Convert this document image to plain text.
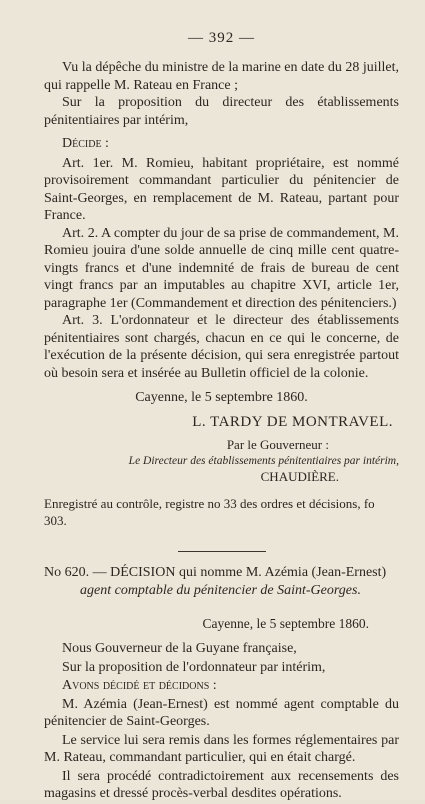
— 392 —

Vu la dépêche du ministre de la marine en date du 28 juillet, qui rappelle M. Rateau en France ;

Sur la proposition du directeur des établissements pénitentiaires par intérim,

Décide :

Art. 1er. M. Romieu, habitant propriétaire, est nommé provisoirement commandant particulier du pénitencier de Saint-Georges, en remplacement de M. Rateau, partant pour France.

Art. 2. A compter du jour de sa prise de commandement, M. Romieu jouira d'une solde annuelle de cinq mille cent quatre-vingts francs et d'une indemnité de frais de bureau de cent vingt francs par an imputables au chapitre XVI, article 1er, paragraphe 1er (Commandement et direction des pénitenciers.)

Art. 3. L'ordonnateur et le directeur des établissements pénitentiaires sont chargés, chacun en ce qui le concerne, de l'exécution de la présente décision, qui sera enregistrée partout où besoin sera et insérée au Bulletin officiel de la colonie.

Cayenne, le 5 septembre 1860.
L. TARDY DE MONTRAVEL.
Par le Gouverneur :
Le Directeur des établissements pénitentiaires par intérim,
CHAUDIÈRE.

Enregistré au contrôle, registre no 33 des ordres et décisions, fo 303.

No 620. — DÉCISION qui nomme M. Azémia (Jean-Ernest)
agent comptable du pénitencier de Saint-Georges.
Cayenne, le 5 septembre 1860.

Nous Gouverneur de la Guyane française,

Sur la proposition de l'ordonnateur par intérim,

Avons décidé et décidons :

M. Azémia (Jean-Ernest) est nommé agent comptable du pénitencier de Saint-Georges.

Le service lui sera remis dans les formes réglementaires par M. Rateau, commandant particulier, qui en était chargé.

Il sera procédé contradictoirement aux recensements des magasins et dressé procès-verbal desdites opérations.
